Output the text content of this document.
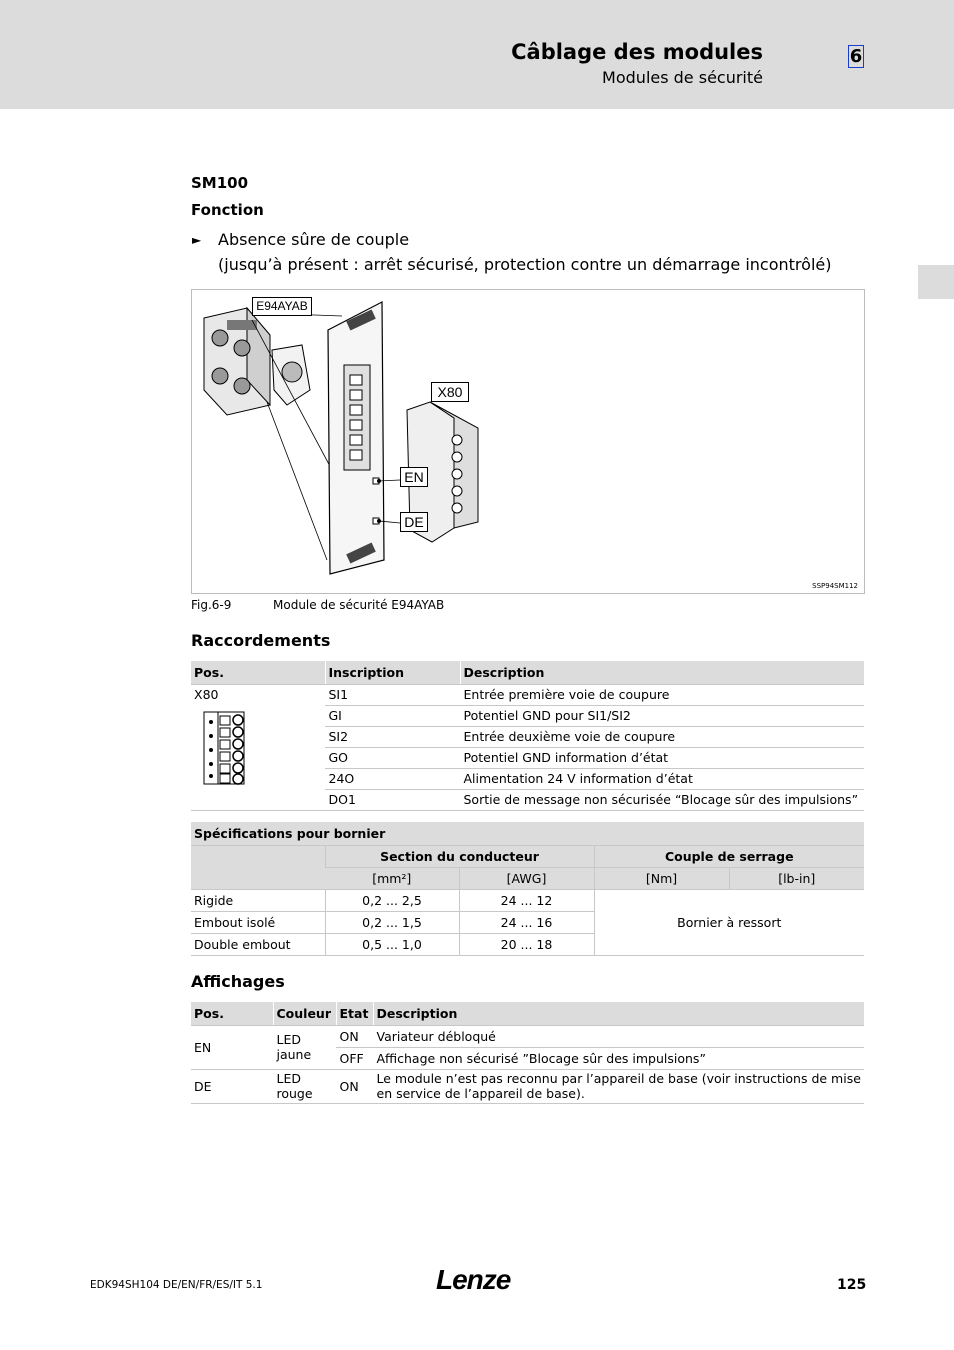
Câblage des modules
Modules de sécurité
6
SM100
Fonction
► Absence sûre de couple
(jusqu’à présent : arrêt sécurisé, protection contre un démarrage incontrôlé)
E94AYAB
X80
EN
DE
SSP94SM112
Fig.6-9	Module de sécurité E94AYAB
Raccordements
Pos.	Inscription	Description

X80	SI1	Entrée première voie de coupure
	GI	Potentiel GND pour SI1/SI2
	SI2	Entrée deuxième voie de coupure
	GO	Potentiel GND information d’état
	24O	Alimentation 24 V information d’état
	DO1	Sortie de message non sécurisée “Blocage sûr des impulsions”
Spécifications pour bornier				
	Section du conducteur		Couple de serrage	
	[mm²]	[AWG]	[Nm]	[lb-in]
Rigide	0,2 ... 2,5	24 ... 12	Bornier à ressort	
Embout isolé	0,2 ... 1,5	24 ... 16		
Double embout	0,5 ... 1,0	20 ... 18		
Affichages
Pos.	Couleur	Etat	Description
EN	LED jaune	ON	Variateur débloqué
		OFF	Affichage non sécurisé ”Blocage sûr des impulsions”
DE	LED rouge	ON	Le module n’est pas reconnu par l’appareil de base (voir instructions de mise en service de l’appareil de base).
EDK94SH104 DE/EN/FR/ES/IT 5.1	Lenze	125
